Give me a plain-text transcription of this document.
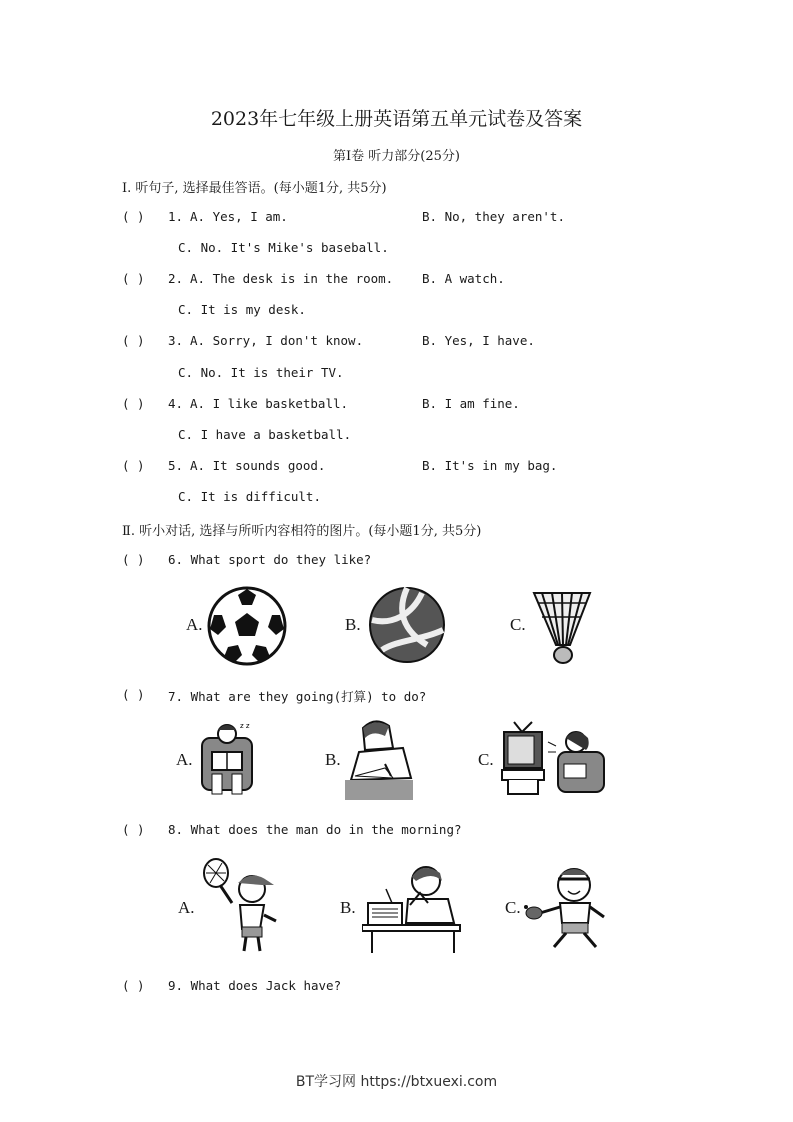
2023年七年级上册英语第五单元试卷及答案
第Ⅰ卷 听力部分(25分)
Ⅰ. 听句子, 选择最佳答语。(每小题1分, 共5分)
( ) 1. A. Yes, I am.	B. No, they aren't.
C. No. It's Mike's baseball.
( ) 2. A. The desk is in the room. B. A watch.
C. It is my desk.
( ) 3. A. Sorry, I don't know.	B. Yes, I have.
C. No. It is their TV.
( ) 4. A. I like basketball.	B. I am fine.
C. I have a basketball.
( ) 5. A. It sounds good.	B. It's in my bag.
C. It is difficult.
Ⅱ. 听小对话, 选择与所听内容相符的图片。(每小题1分, 共5分)
( ) 6. What sport do they like?
A.	B.	C.
( ) 7. What are they going(打算) to do?
A.
z z
B.	C.
( ) 8. What does the man do in the morning?
A.	B.	C.
( ) 9. What does Jack have?
BT学习网 https://btxuexi.com
